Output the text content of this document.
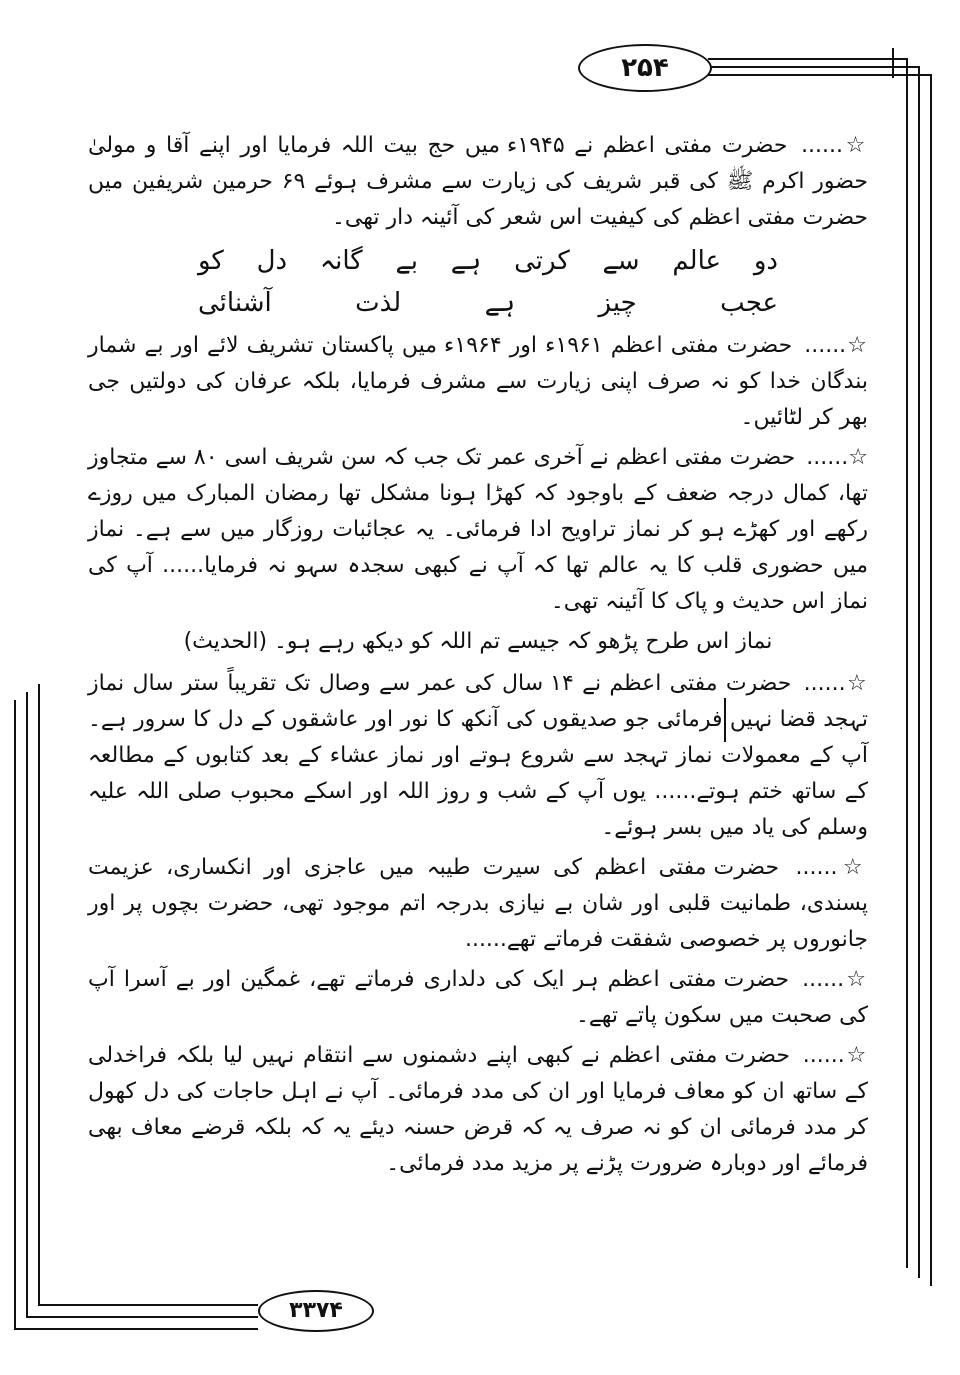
۲۵۴
۳۳۷۴

☆...... حضرت مفتی اعظم نے ۱۹۴۵ء میں حج بیت اللہ فرمایا اور اپنے آقا و مولیٰ حضور اکرم ﷺ کی قبر شریف کی زیارت سے مشرف ہوئے ۶۹ حرمین شریفین میں حضرت مفتی اعظم کی کیفیت اس شعر کی آئینہ دار تھی۔

دو
عالم
سے
کرتی
ہے
بے
گانہ
دل
کو
عجب
چیز
ہے
لذت
آشنائی

☆...... حضرت مفتی اعظم ۱۹۶۱ء اور ۱۹۶۴ء میں پاکستان تشریف لائے اور بے شمار بندگان خدا کو نہ صرف اپنی زیارت سے مشرف فرمایا، بلکہ عرفان کی دولتیں جی بھر کر لٹائیں۔

☆...... حضرت مفتی اعظم نے آخری عمر تک جب کہ سن شریف اسی ۸۰ سے متجاوز تھا، کمال درجہ ضعف کے باوجود کہ کھڑا ہونا مشکل تھا رمضان المبارک میں روزے رکھے اور کھڑے ہو کر نماز تراویح ادا فرمائی۔ یہ عجائبات روزگار میں سے ہے۔ نماز میں حضوری قلب کا یہ عالم تھا کہ آپ نے کبھی سجدہ سہو نہ فرمایا...... آپ کی نماز اس حدیث و پاک کا آئینہ تھی۔

نماز اس طرح پڑھو کہ جیسے تم اللہ کو دیکھ رہے ہو۔ (الحدیث)

☆...... حضرت مفتی اعظم نے ۱۴ سال کی عمر سے وصال تک تقریباً ستر سال نماز تہجد قضا نہیں فرمائی جو صدیقوں کی آنکھ کا نور اور عاشقوں کے دل کا سرور ہے۔ آپ کے معمولات نماز تہجد سے شروع ہوتے اور نماز عشاء کے بعد کتابوں کے مطالعہ کے ساتھ ختم ہوتے...... یوں آپ کے شب و روز اللہ اور اسکے محبوب صلی اللہ علیہ وسلم کی یاد میں بسر ہوئے۔

☆...... حضرت مفتی اعظم کی سیرت طیبہ میں عاجزی اور انکساری، عزیمت پسندی، طمانیت قلبی اور شان بے نیازی بدرجہ اتم موجود تھی، حضرت بچوں پر اور جانوروں پر خصوصی شفقت فرماتے تھے......

☆...... حضرت مفتی اعظم ہر ایک کی دلداری فرماتے تھے، غمگین اور بے آسرا آپ کی صحبت میں سکون پاتے تھے۔

☆...... حضرت مفتی اعظم نے کبھی اپنے دشمنوں سے انتقام نہیں لیا بلکہ فراخدلی کے ساتھ ان کو معاف فرمایا اور ان کی مدد فرمائی۔ آپ نے اہل حاجات کی دل کھول کر مدد فرمائی ان کو نہ صرف یہ کہ قرض حسنہ دیئے یہ کہ بلکہ قرضے معاف بھی فرمائے اور دوبارہ ضرورت پڑنے پر مزید مدد فرمائی۔
